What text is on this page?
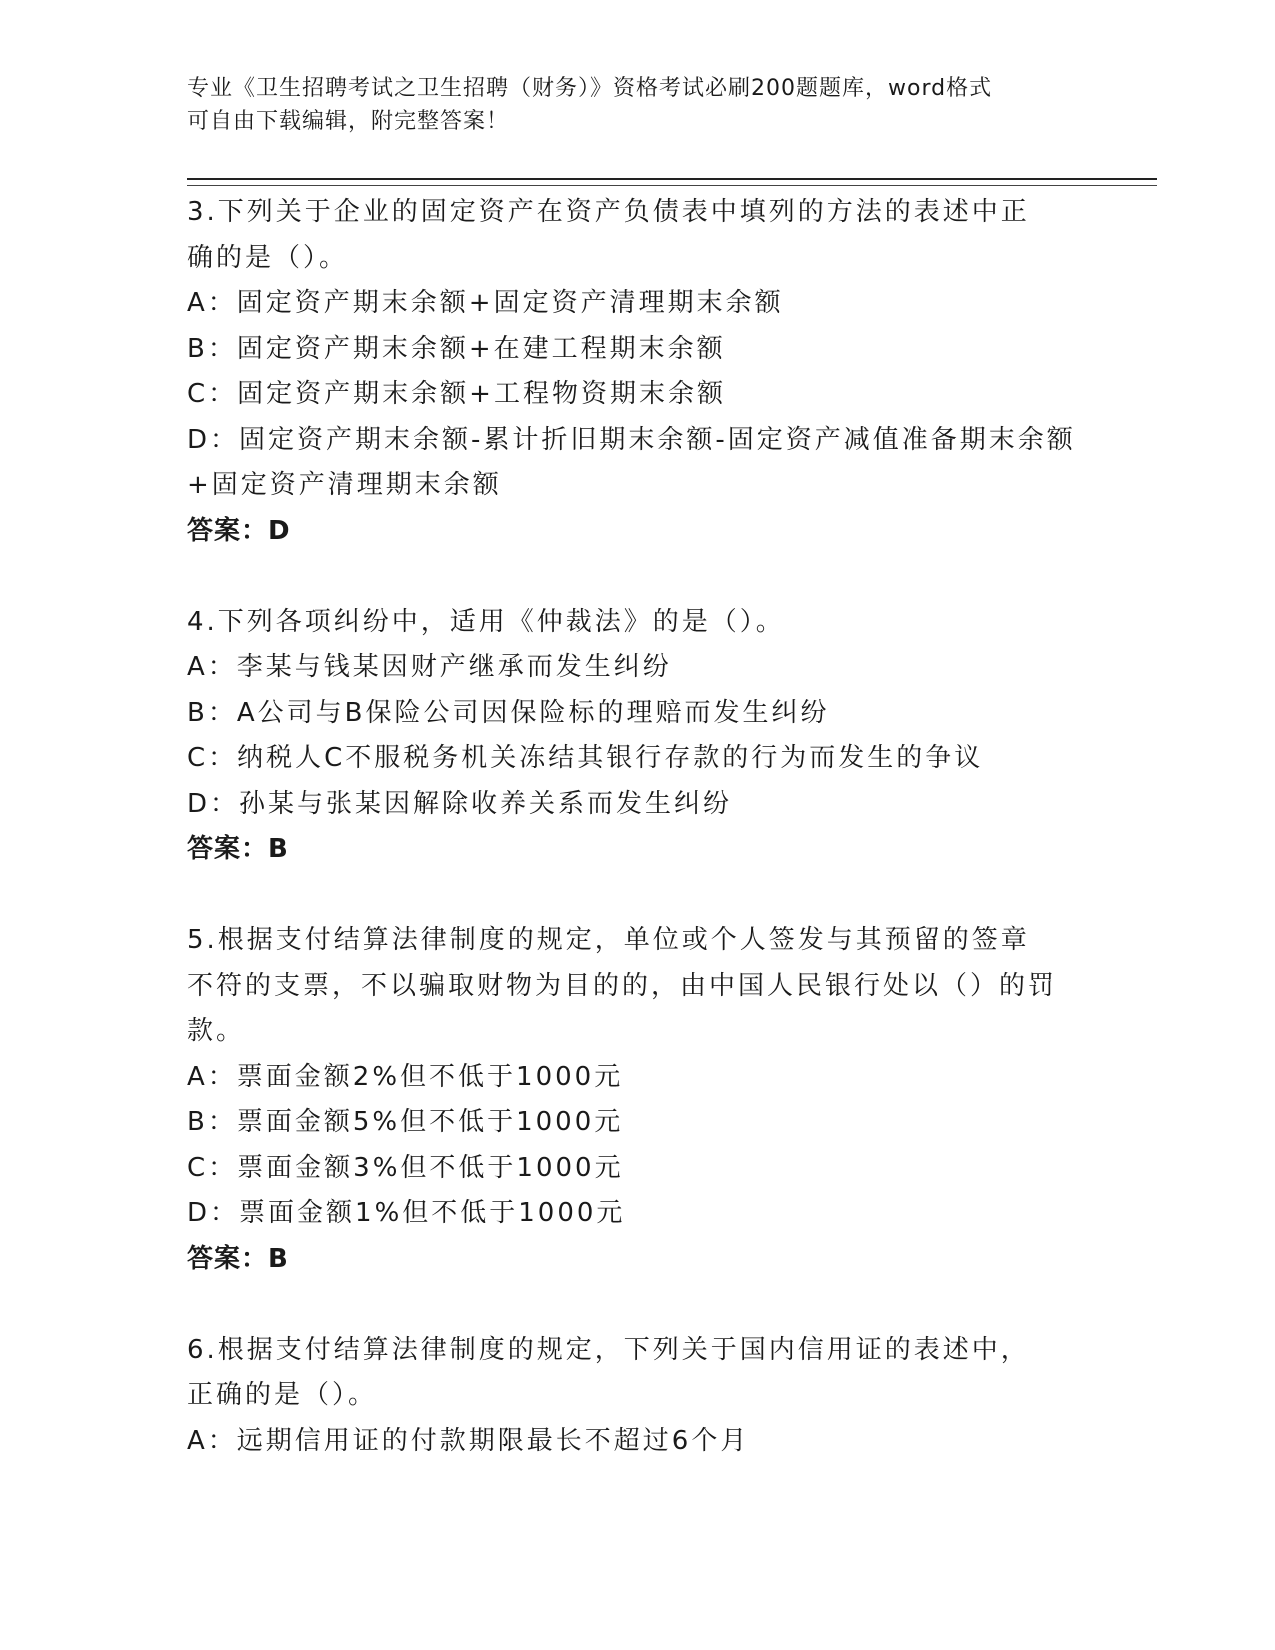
专业《卫生招聘考试之卫生招聘（财务）》资格考试必刷200题题库，word格式
可自由下载编辑，附完整答案！
3.下列关于企业的固定资产在资产负债表中填列的方法的表述中正确的是（）。
A：固定资产期末余额+固定资产清理期末余额
B：固定资产期末余额+在建工程期末余额
C：固定资产期末余额+工程物资期末余额
D：固定资产期末余额-累计折旧期末余额-固定资产减值准备期末余额+固定资产清理期末余额
答案：D
4.下列各项纠纷中，适用《仲裁法》的是（）。
A：李某与钱某因财产继承而发生纠纷
B：A公司与B保险公司因保险标的理赔而发生纠纷
C：纳税人C不服税务机关冻结其银行存款的行为而发生的争议
D：孙某与张某因解除收养关系而发生纠纷
答案：B
5.根据支付结算法律制度的规定，单位或个人签发与其预留的签章不符的支票，不以骗取财物为目的的，由中国人民银行处以（）的罚款。
A：票面金额2%但不低于1000元
B：票面金额5%但不低于1000元
C：票面金额3%但不低于1000元
D：票面金额1%但不低于1000元
答案：B
6.根据支付结算法律制度的规定，下列关于国内信用证的表述中，正确的是（）。
A：远期信用证的付款期限最长不超过6个月
